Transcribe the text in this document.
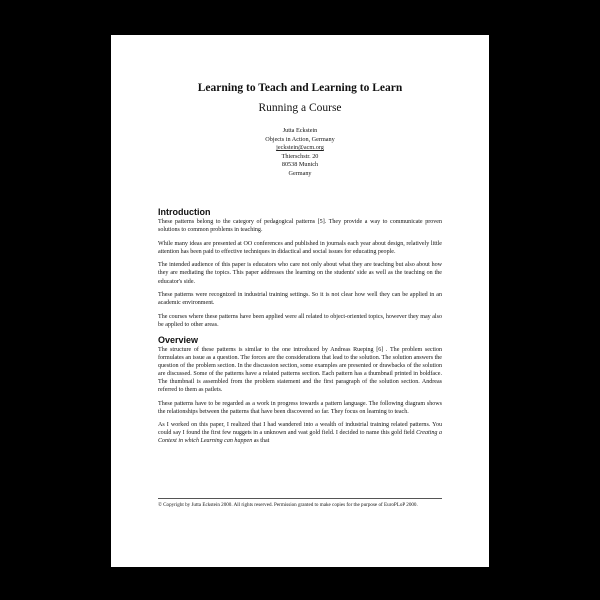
Learning to Teach and Learning to Learn
Running a Course
Jutta Eckstein
Objects in Action, Germany
jeckstein@acm.org
Thierschstr. 20
80538 Munich
Germany
Introduction

These patterns belong to the category of pedagogical patterns [5]. They provide a way to communicate proven solutions to common problems in teaching.

While many ideas are presented at OO conferences and published in journals each year about design, relatively little attention has been paid to effective techniques in didactical and social issues for educating people.

The intended audience of this paper is educators who care not only about what they are teaching but also about how they are mediating the topics. This paper addresses the learning on the students' side as well as the teaching on the educator's side.

These patterns were recognized in industrial training settings. So it is not clear how well they can be applied in an academic environment.

The courses where these patterns have been applied were all related to object-oriented topics, however they may also be applied to other areas.

Overview

The structure of these patterns is similar to the one introduced by Andreas Rueping [6] . The problem section formulates an issue as a question. The forces are the considerations that lead to the solution. The solution answers the question of the problem section. In the discussion section, some examples are presented or drawbacks of the solution are discussed. Some of the patterns have a related patterns section. Each pattern has a thumbnail printed in boldface. The thumbnail is assembled from the problem statement and the first paragraph of the solution section. Andreas referred to them as patlets.

These patterns have to be regarded as a work in progress towards a pattern language. The following diagram shows the relationships between the patterns that have been discovered so far. They focus on learning to teach.

As I worked on this paper, I realized that I had wandered into a wealth of industrial training related patterns. You could say I found the first few nuggets in a unknown and vast gold field. I decided to name this gold field Creating a Context in which Learning can happen as that

© Copyright by Jutta Eckstein 2000. All rights reserved. Permission granted to make copies for the purpose of EuroPLoP 2000.
